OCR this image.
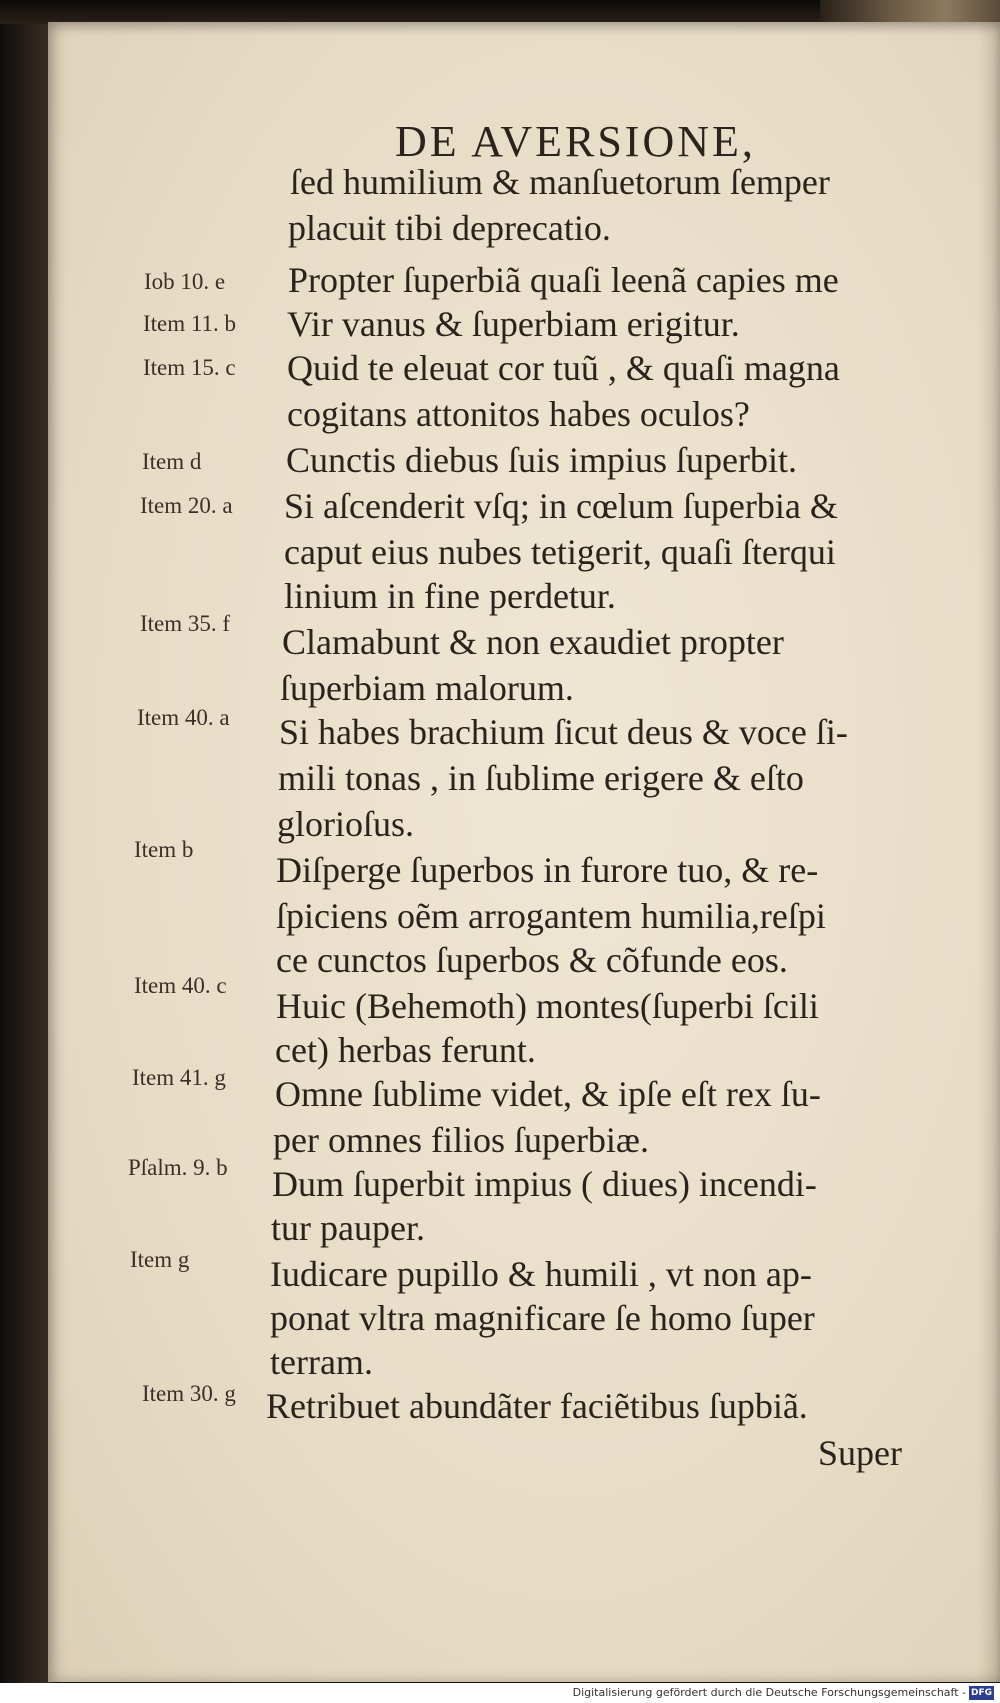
DE AVERSIONE,
ſed humilium & manſuetorum ſemper
placuit tibi deprecatio.
Propter ſuperbiã quaſi leenã capies me
Vir vanus & ſuperbiam erigitur.
Quid te eleuat cor tuũ , & quaſi magna
cogitans attonitos habes oculos?
Cunctis diebus ſuis impius ſuperbit.
Si aſcenderit vſq; in cœlum ſuperbia &
caput eius nubes tetigerit, quaſi ſterqui
linium in fine perdetur.
Clamabunt & non exaudiet propter
ſuperbiam malorum.
Si habes brachium ſicut deus & voce ſi-
mili tonas , in ſublime erigere & eſto
glorioſus.
Diſperge ſuperbos in furore tuo, & re-
ſpiciens oẽm arrogantem humilia,reſpi
ce cunctos ſuperbos & cõfunde eos.
Huic (Behemoth) montes(ſuperbi ſcili
cet) herbas ferunt.
Omne ſublime videt, & ipſe eſt rex ſu-
per omnes filios ſuperbiæ.
Dum ſuperbit impius ( diues) incendi-
tur pauper.
Iudicare pupillo & humili , vt non ap-
ponat vltra magnificare ſe homo ſuper
terram.
Retribuet abundãter faciẽtibus ſupbiã.
Iob 10. e
Item 11. b
Item 15. c
Item d
Item 20. a
Item 35. f
Item 40. a
Item b
Item 40. c
Item 41. g
Pſalm. 9. b
Item g
Item 30. g
Super
Digitalisierung gefördert durch die Deutsche Forschungsgemeinschaft - DFG
